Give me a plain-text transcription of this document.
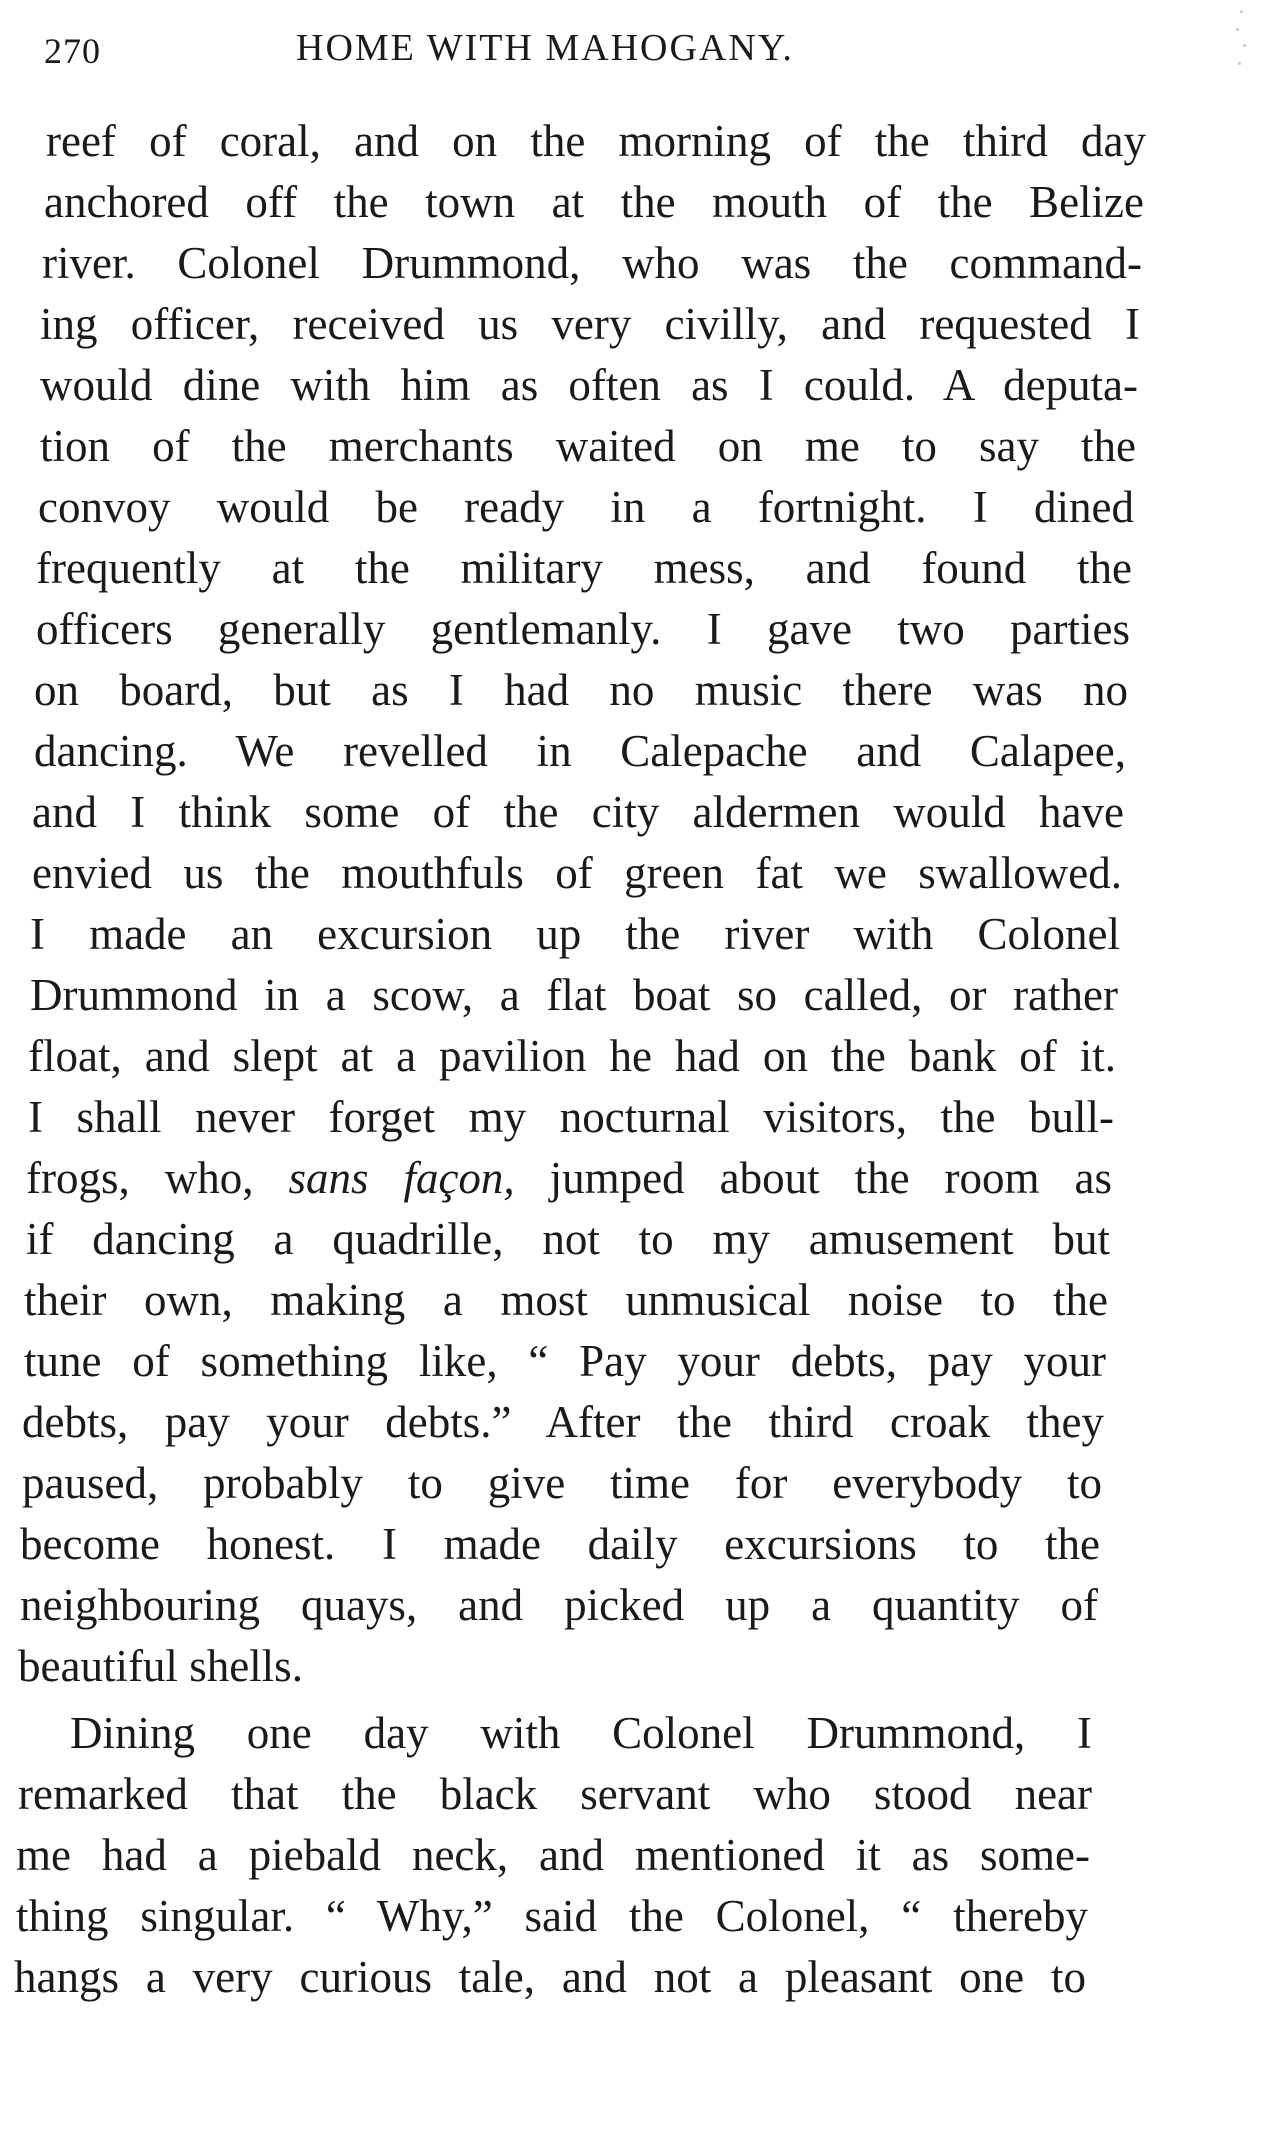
270	HOME WITH MAHOGANY.
reef of coral, and on the morning of the third day
anchored off the town at the mouth of the Belize
river. Colonel Drummond, who was the command-
ing officer, received us very civilly, and requested I
would dine with him as often as I could. A deputa-
tion of the merchants waited on me to say the
convoy would be ready in a fortnight. I dined
frequently at the military mess, and found the
officers generally gentlemanly. I gave two parties
on board, but as I had no music there was no
dancing. We revelled in Calepache and Calapee,
and I think some of the city aldermen would have
envied us the mouthfuls of green fat we swallowed.
I made an excursion up the river with Colonel
Drummond in a scow, a flat boat so called, or rather
float, and slept at a pavilion he had on the bank of it.
I shall never forget my nocturnal visitors, the bull-
frogs, who, sans façon, jumped about the room as
if dancing a quadrille, not to my amusement but
their own, making a most unmusical noise to the
tune of something like, “ Pay your debts, pay your
debts, pay your debts.” After the third croak they
paused, probably to give time for everybody to
become honest. I made daily excursions to the
neighbouring quays, and picked up a quantity of
beautiful shells.
Dining one day with Colonel Drummond, I
remarked that the black servant who stood near
me had a piebald neck, and mentioned it as some-
thing singular. “ Why,” said the Colonel, “ thereby
hangs a very curious tale, and not a pleasant one to
